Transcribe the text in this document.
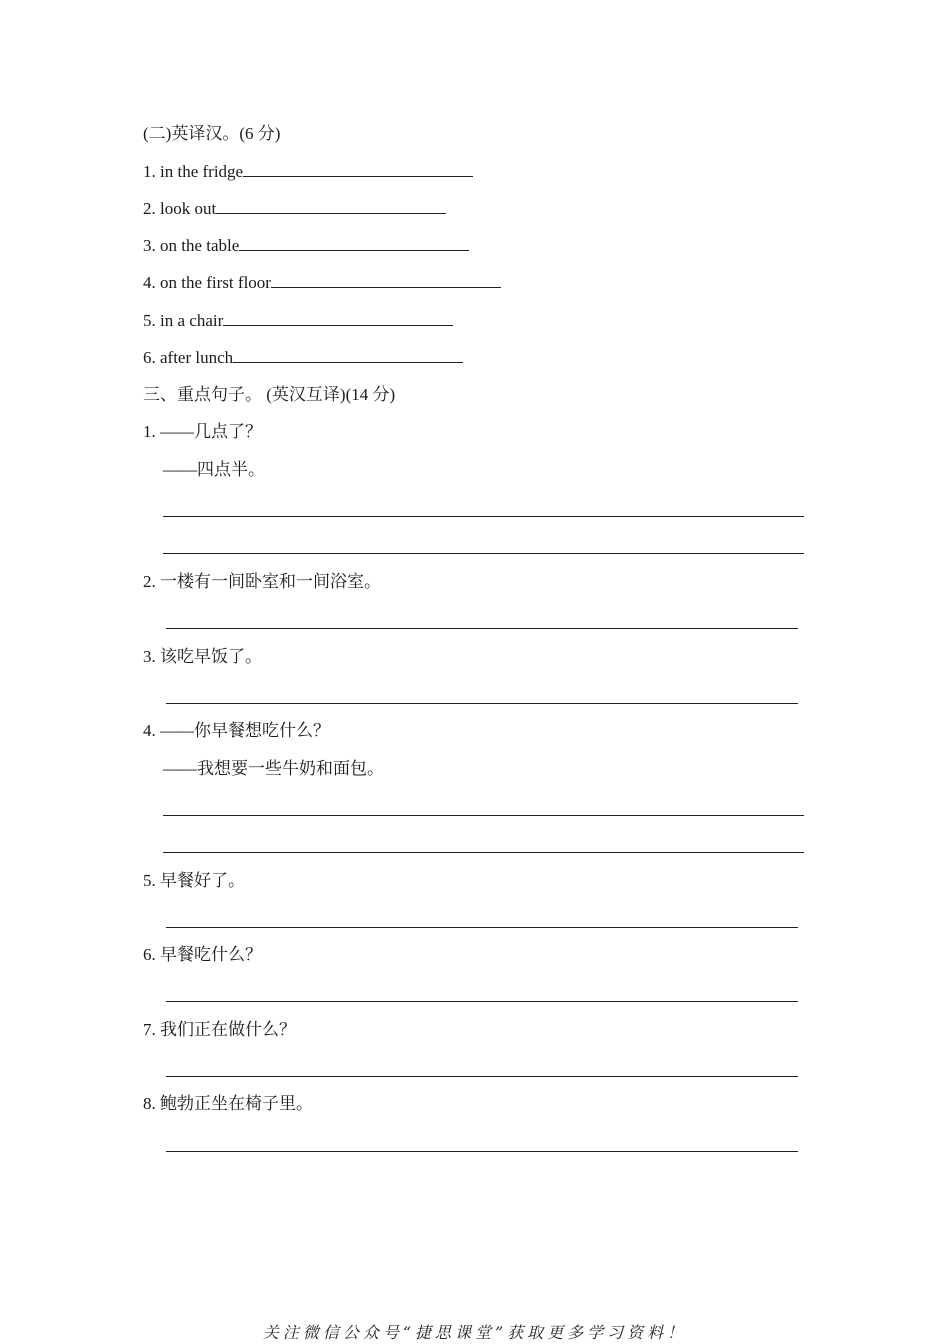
(二)英译汉。(6 分)
1. in the fridge
2. look out
3. on the table
4. on the first floor
5. in a chair
6. after lunch
三、重点句子。 (英汉互译)(14 分)
1. ——几点了？
——四点半。
2. 一楼有一间卧室和一间浴室。
3. 该吃早饭了。
4. ——你早餐想吃什么？
——我想要一些牛奶和面包。
5. 早餐好了。
6. 早餐吃什么？
7. 我们正在做什么？
8. 鲍勃正坐在椅子里。
关注微信公众号“捷思课堂”获取更多学习资料！
